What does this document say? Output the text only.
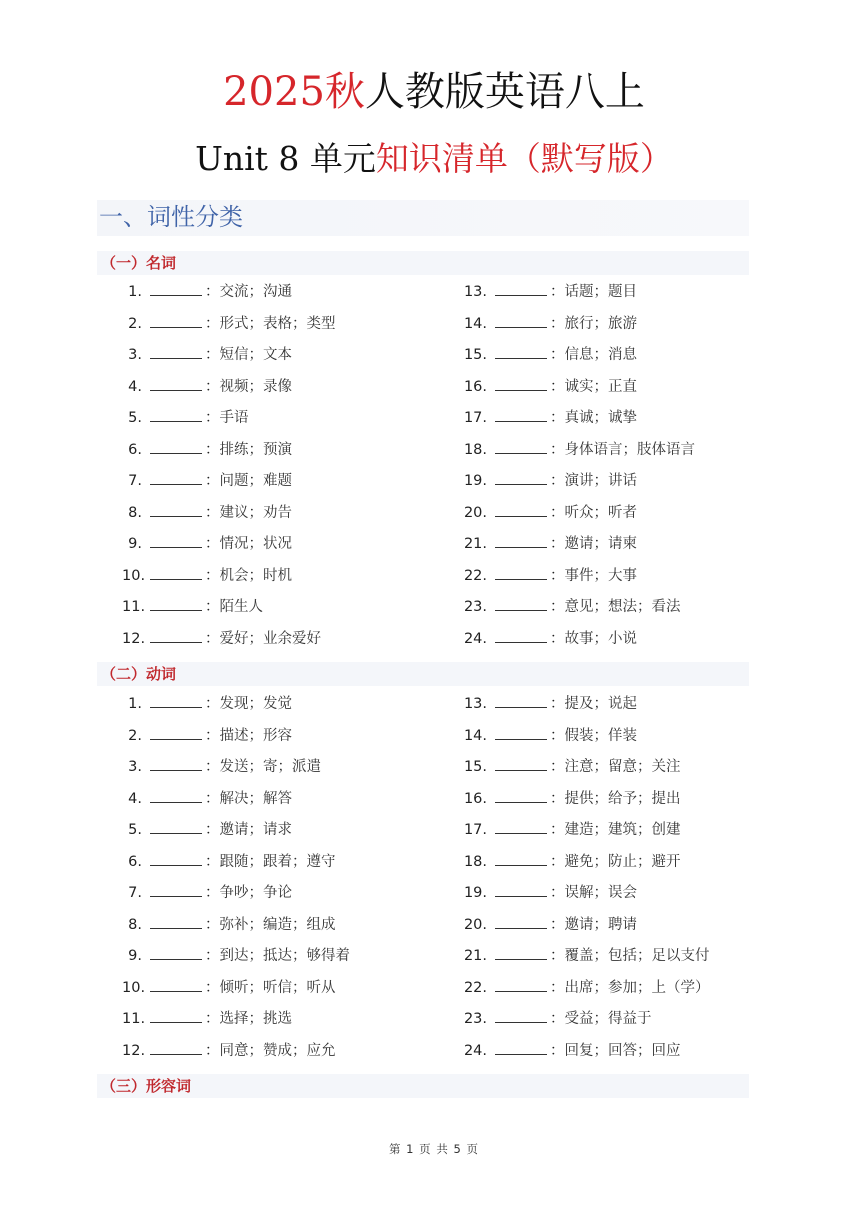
2025秋人教版英语八上
Unit 8 单元知识清单（默写版）
一、词性分类
（一）名词
（二）动词
（三）形容词
1.	：交流；沟通	13.	：话题；题目
2.	：形式；表格；类型	14.	：旅行；旅游
3.	：短信；文本	15.	：信息；消息
4.	：视频；录像	16.	：诚实；正直
5.	：手语	17.	：真诚；诚挚
6.	：排练；预演	18.	：身体语言；肢体语言
7.	：问题；难题	19.	：演讲；讲话
8.	：建议；劝告	20.	：听众；听者
9.	：情况；状况	21.	：邀请；请柬
10.	：机会；时机	22.	：事件；大事
11.	：陌生人	23.	：意见；想法；看法
12.	：爱好；业余爱好	24.	：故事；小说
1.	：发现；发觉	13.	：提及；说起
2.	：描述；形容	14.	：假装；佯装
3.	：发送；寄；派遣	15.	：注意；留意；关注
4.	：解决；解答	16.	：提供；给予；提出
5.	：邀请；请求	17.	：建造；建筑；创建
6.	：跟随；跟着；遵守	18.	：避免；防止；避开
7.	：争吵；争论	19.	：误解；误会
8.	：弥补；编造；组成	20.	：邀请；聘请
9.	：到达；抵达；够得着	21.	：覆盖；包括；足以支付
10.	：倾听；听信；听从	22.	：出席；参加；上（学）
11.	：选择；挑选	23.	：受益；得益于
12.	：同意；赞成；应允	24.	：回复；回答；回应
第 1 页 共 5 页
